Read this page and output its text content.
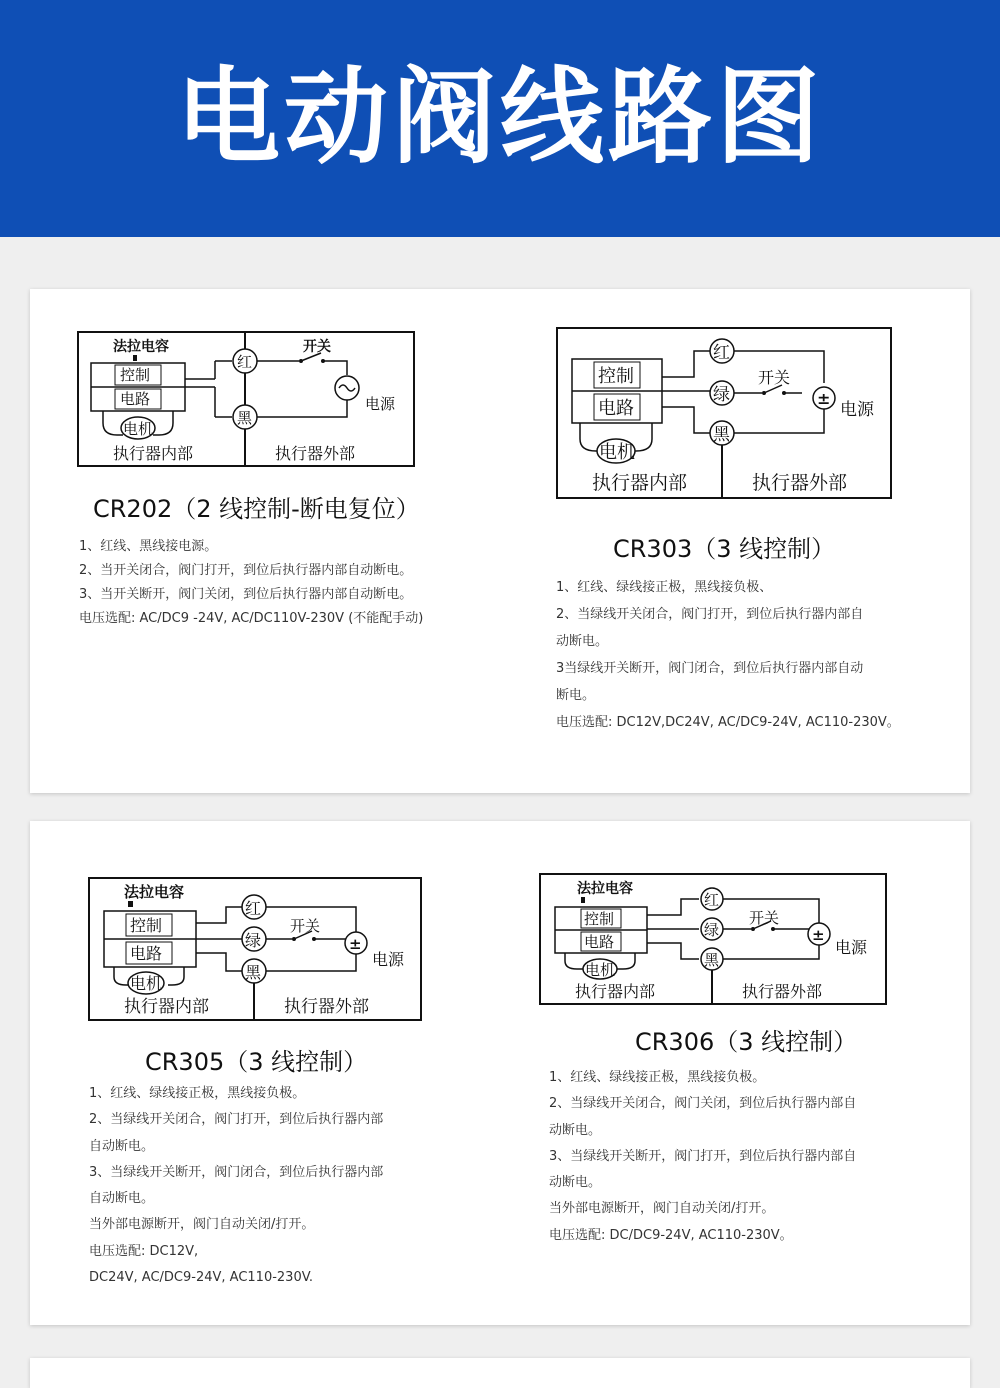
电动阀线路图
法拉电容
控制
电路
电机
执行器内部	执行器外部
红
黑
开关
电源
CR202（2 线控制-断电复位）
1、红线、黑线接电源。
2、当开关闭合，阀门打开，到位后执行器内部自动断电。
3、当开关断开，阀门关闭，到位后执行器内部自动断电。
电压选配: AC/DC9 -24V, AC/DC110V-230V (不能配手动)
控制
电路
电机
执行器内部	执行器外部
红
绿
黑
开关
±
电源
CR303（3 线控制）
1、红线、绿线接正极，黑线接负极、
2、当绿线开关闭合，阀门打开，到位后执行器内部自
动断电。
3当绿线开关断开，阀门闭合，到位后执行器内部自动
断电。
电压选配: DC12V,DC24V, AC/DC9-24V, AC110-230V。
法拉电容
控制
电路
电机
执行器内部	执行器外部
红
绿
黑
开关
±
电源
CR305（3 线控制）
1、红线、绿线接正极，黑线接负极。
2、当绿线开关闭合，阀门打开，到位后执行器内部
自动断电。
3、当绿线开关断开，阀门闭合，到位后执行器内部
自动断电。
当外部电源断开，阀门自动关闭/打开。
电压选配: DC12V,
DC24V, AC/DC9-24V, AC110-230V.
法拉电容
控制
电路
电机
执行器内部	执行器外部
红
绿
黑
开关
±
电源
CR306（3 线控制）
1、红线、绿线接正极，黑线接负极。
2、当绿线开关闭合，阀门关闭，到位后执行器内部自
动断电。
3、当绿线开关断开，阀门打开，到位后执行器内部自
动断电。
当外部电源断开，阀门自动关闭/打开。
电压选配: DC/DC9-24V, AC110-230V。
